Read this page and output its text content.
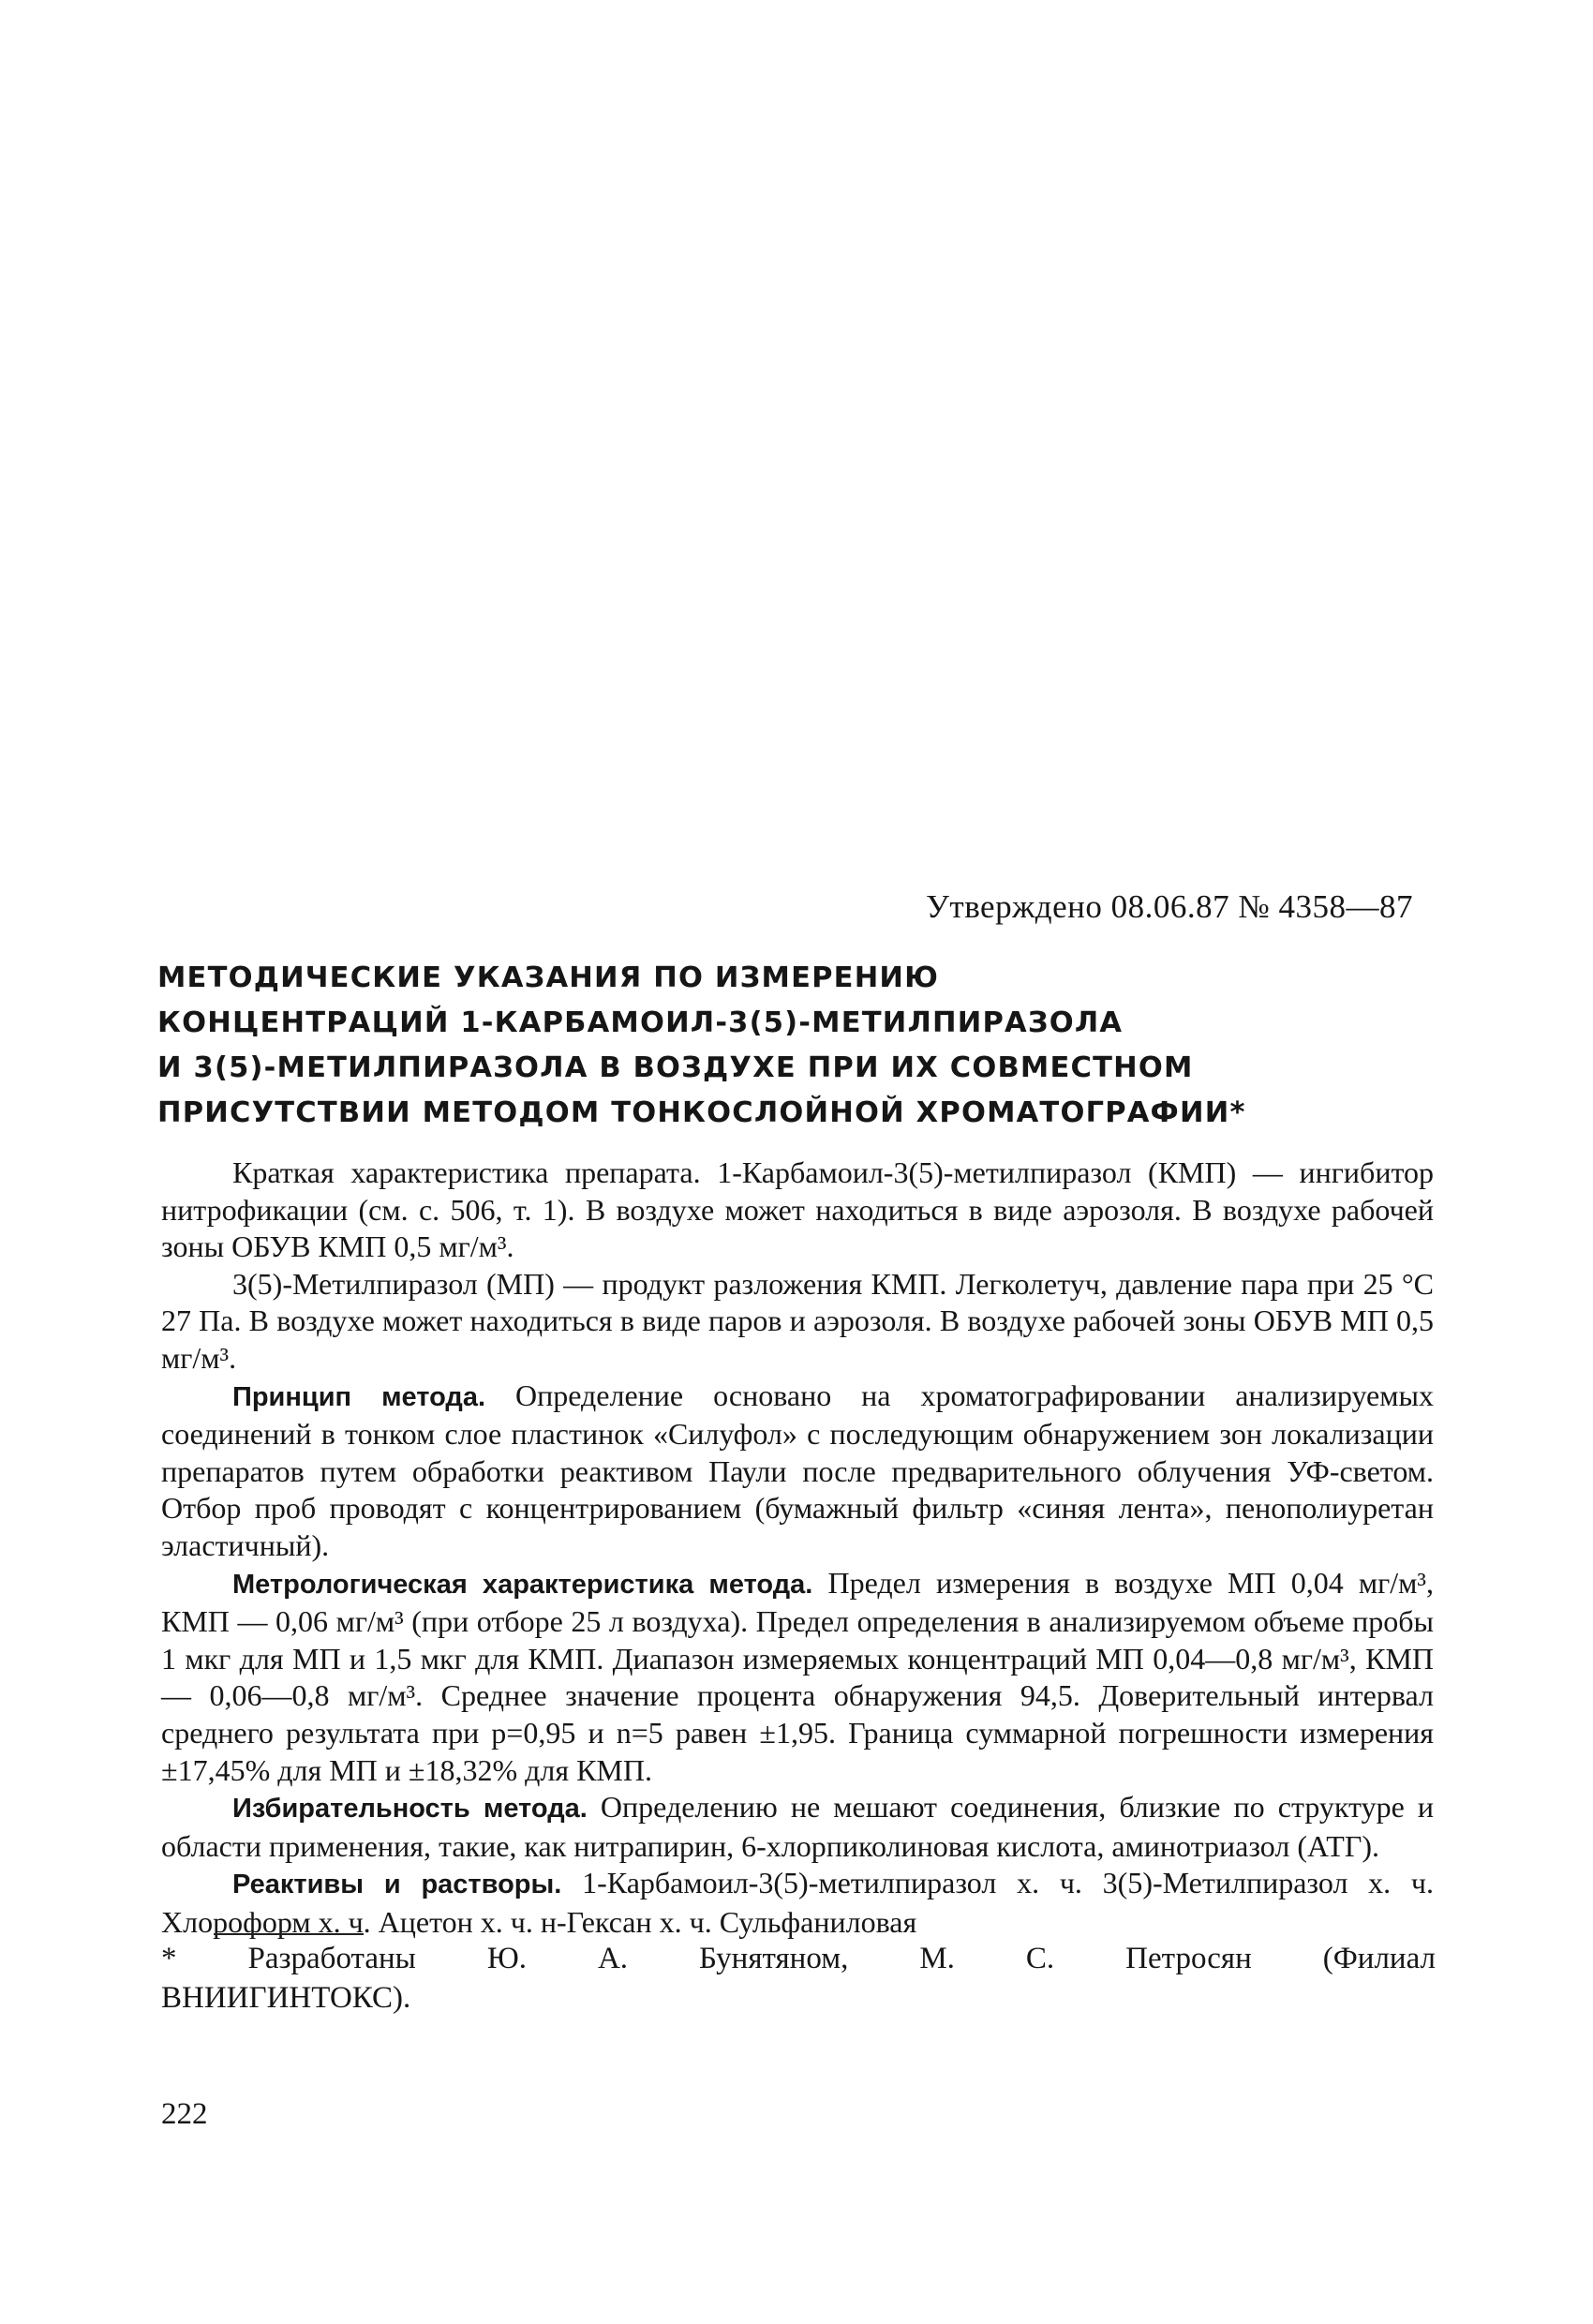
Утверждено 08.06.87 № 4358—87
МЕТОДИЧЕСКИЕ УКАЗАНИЯ ПО ИЗМЕРЕНИЮ
КОНЦЕНТРАЦИЙ 1-КАРБАМОИЛ-3(5)-МЕТИЛПИРАЗОЛА
И 3(5)-МЕТИЛПИРАЗОЛА В ВОЗДУХЕ ПРИ ИХ СОВМЕСТНОМ
ПРИСУТСТВИИ МЕТОДОМ ТОНКОСЛОЙНОЙ ХРОМАТОГРАФИИ*

Краткая характеристика препарата. 1-Карбамоил-3(5)-метилпиразол (КМП) — ингибитор нитрофикации (см. с. 506, т. 1). В воздухе может находиться в виде аэрозоля. В воздухе рабочей зоны ОБУВ КМП 0,5 мг/м³.

3(5)-Метилпиразол (МП) — продукт разложения КМП. Легколетуч, давление пара при 25 °С 27 Па. В воздухе может находиться в виде паров и аэрозоля. В воздухе рабочей зоны ОБУВ МП 0,5 мг/м³.

Принцип метода. Определение основано на хроматографировании анализируемых соединений в тонком слое пластинок «Силуфол» с последующим обнаружением зон локализации препаратов путем обработки реактивом Паули после предварительного облучения УФ-светом. Отбор проб проводят с концентрированием (бумажный фильтр «синяя лента», пенополиуретан эластичный).

Метрологическая характеристика метода. Предел измерения в воздухе МП 0,04 мг/м³, КМП — 0,06 мг/м³ (при отборе 25 л воздуха). Предел определения в анализируемом объеме пробы 1 мкг для МП и 1,5 мкг для КМП. Диапазон измеряемых концентраций МП 0,04—0,8 мг/м³, КМП — 0,06—0,8 мг/м³. Среднее значение процента обнаружения 94,5. Доверительный интервал среднего результата при p=0,95 и n=5 равен ±1,95. Граница суммарной погрешности измерения ±17,45% для МП и ±18,32% для КМП.

Избирательность метода. Определению не мешают соединения, близкие по структуре и области применения, такие, как нитрапирин, 6-хлорпиколиновая кислота, аминотриазол (АТГ).

Реактивы и растворы. 1-Карбамоил-3(5)-метилпиразол х. ч. 3(5)-Метилпиразол х. ч. Хлороформ х. ч. Ацетон х. ч. н-Гексан х. ч. Сульфаниловая

* Разработаны Ю. А. Бунятяном, М. С. Петросян (Филиал
ВНИИГИНТОКС).
222
